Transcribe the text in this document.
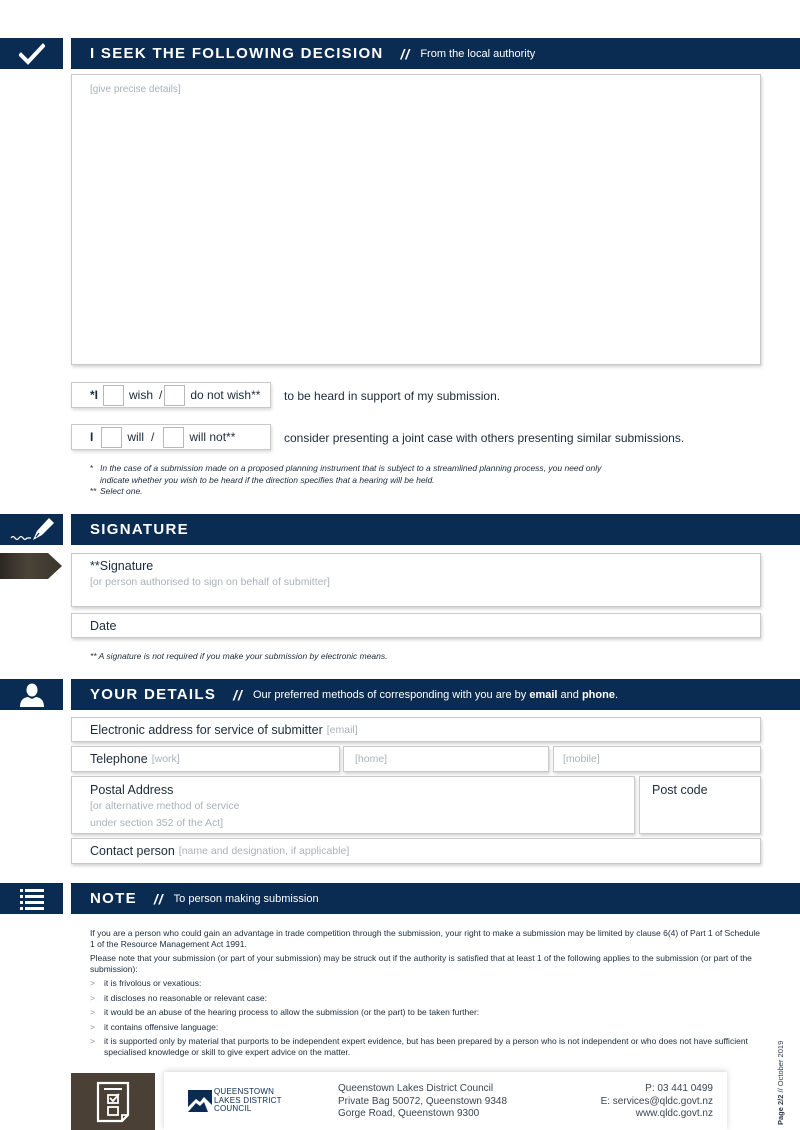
I SEEK THE FOLLOWING DECISION // From the local authority
[give precise details]
*I	wish / do not wish** to be heard in support of my submission.
I	will /	will not**	consider presenting a joint case with others presenting similar submissions.
* In the case of a submission made on a proposed planning instrument that is subject to a streamlined planning process, you need only
indicate whether you wish to be heard if the direction specifies that a hearing will be held.
** Select one.
SIGNATURE
**Signature
[or person authorised to sign on behalf of submitter]
Date
** A signature is not required if you make your submission by electronic means.
YOUR DETAILS // Our preferred methods of corresponding with you are by email and phone.
Electronic address for service of submitter [email]
Telephone [work]	[home]	[mobile]
Postal Address
[or alternative method of service
under section 352 of the Act]
Post code
Contact person [name and designation, if applicable]
NOTE // To person making submission

If you are a person who could gain an advantage in trade competition through the submission, your right to make a submission may be limited by clause 6(4) of Part 1 of Schedule 1 of the Resource Management Act 1991.

Please note that your submission (or part of your submission) may be struck out if the authority is satisfied that at least 1 of the following applies to the submission (or part of the submission):

> it is frivolous or vexatious:
> it discloses no reasonable or relevant case:
> it would be an abuse of the hearing process to allow the submission (or the part) to be taken further:
> it contains offensive language:
> it is supported only by material that purports to be independent expert evidence, but has been prepared by a person who is not independent or who does not have sufficient specialised knowledge or skill to give expert advice on the matter.
QUEENSTOWN
LAKES DISTRICT
COUNCIL
Queenstown Lakes District Council
Private Bag 50072, Queenstown 9348
Gorge Road, Queenstown 9300
P: 03 441 0499
E: services@qldc.govt.nz
www.qldc.govt.nz	Page 2/2 // October 2019
